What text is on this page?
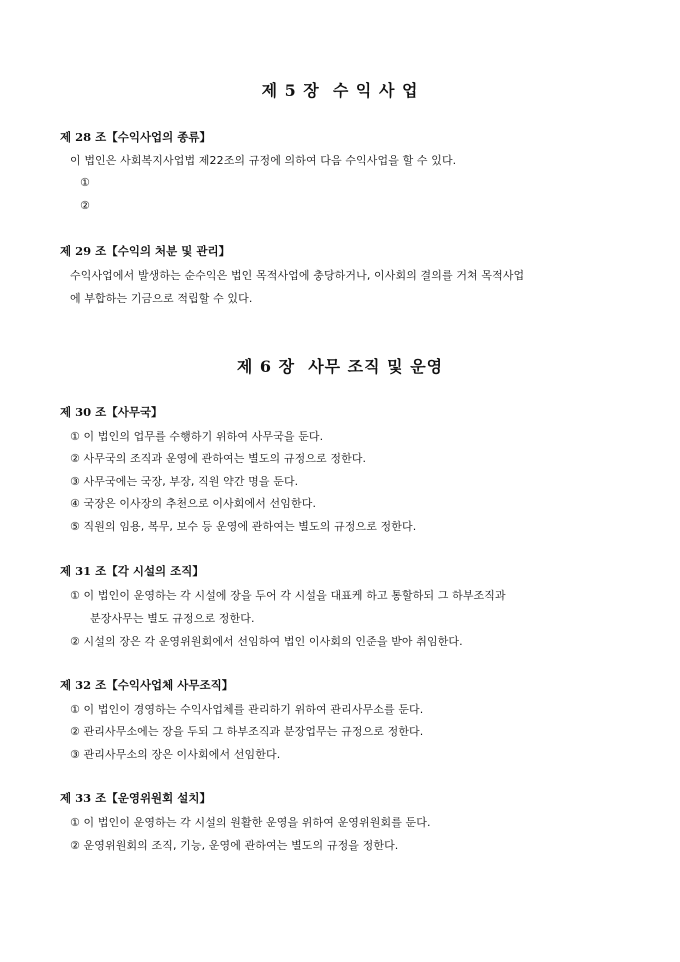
제 5 장  수 익 사 업
제 28 조【수익사업의 종류】
이 법인은 사회복지사업법 제22조의 규정에 의하여 다음 수익사업을 할 수 있다.
①
②
제 29 조【수익의 처분 및 관리】
수익사업에서 발생하는 순수익은 법인 목적사업에 충당하거나, 이사회의 결의를 거쳐 목적사업
에 부합하는 기금으로 적립할 수 있다.
제 6 장  사무 조직 및 운영
제 30 조【사무국】
① 이 법인의 업무를 수행하기 위하여 사무국을 둔다.
② 사무국의 조직과 운영에 관하여는 별도의 규정으로 정한다.
③ 사무국에는 국장, 부장, 직원 약간 명을 둔다.
④ 국장은 이사장의 추천으로 이사회에서 선임한다.
⑤ 직원의 임용, 복무, 보수 등 운영에 관하여는 별도의 규정으로 정한다.
제 31 조【각 시설의 조직】
① 이 법인이 운영하는 각 시설에 장을 두어 각 시설을 대표케 하고 통할하되 그 하부조직과
분장사무는 별도 규정으로 정한다.
② 시설의 장은 각 운영위원회에서 선임하여 법인 이사회의 인준을 받아 취임한다.
제 32 조【수익사업체 사무조직】
① 이 법인이 경영하는 수익사업체를 관리하기 위하여 관리사무소를 둔다.
② 관리사무소에는 장을 두되 그 하부조직과 분장업무는 규정으로 정한다.
③ 관리사무소의 장은 이사회에서 선임한다.
제 33 조【운영위원회 설치】
① 이 법인이 운영하는 각 시설의 원활한 운영을 위하여 운영위원회를 둔다.
② 운영위원회의 조직, 기능, 운영에 관하여는 별도의 규정을 정한다.
